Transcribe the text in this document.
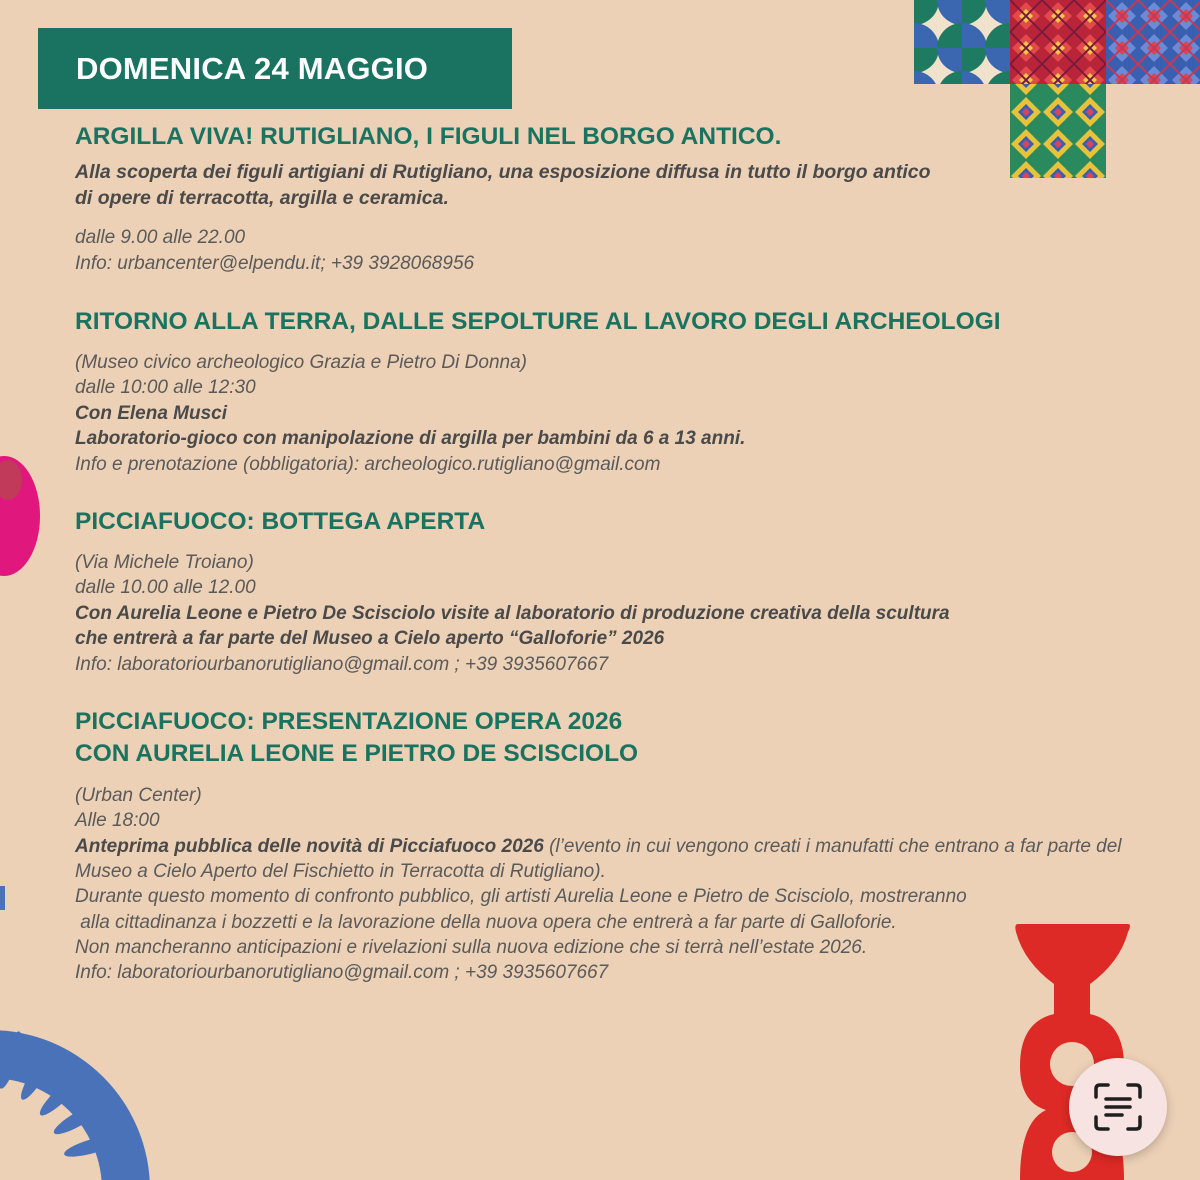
DOMENICA 24 MAGGIO
ARGILLA VIVA! RUTIGLIANO, I FIGULI NEL BORGO ANTICO.

Alla scoperta dei figuli artigiani di Rutigliano, una esposizione diffusa in tutto il borgo antico

di opere di terracotta, argilla e ceramica.

dalle 9.00 alle 22.00

Info: urbancenter@elpendu.it; +39 3928068956

RITORNO ALLA TERRA, DALLE SEPOLTURE AL LAVORO DEGLI ARCHEOLOGI

(Museo civico archeologico Grazia e Pietro Di Donna)

dalle 10:00 alle 12:30

Con Elena Musci

Laboratorio-gioco con manipolazione di argilla per bambini da 6 a 13 anni.

Info e prenotazione (obbligatoria): archeologico.rutigliano@gmail.com

PICCIAFUOCO: BOTTEGA APERTA

(Via Michele Troiano)

dalle 10.00 alle 12.00

Con Aurelia Leone e Pietro De Scisciolo visite al laboratorio di produzione creativa della scultura

che entrerà a far parte del Museo a Cielo aperto “Galloforie” 2026

Info: laboratoriourbanorutigliano@gmail.com ; +39 3935607667

PICCIAFUOCO: PRESENTAZIONE OPERA 2026
CON AURELIA LEONE E PIETRO DE SCISCIOLO

(Urban Center)

Alle 18:00

Anteprima pubblica delle novità di Picciafuoco 2026 (l’evento in cui vengono creati i manufatti che entrano a far parte del

Museo a Cielo Aperto del Fischietto in Terracotta di Rutigliano).

Durante questo momento di confronto pubblico, gli artisti Aurelia Leone e Pietro de Scisciolo, mostreranno

alla cittadinanza i bozzetti e la lavorazione della nuova opera che entrerà a far parte di Galloforie.

Non mancheranno anticipazioni e rivelazioni sulla nuova edizione che si terrà nell’estate 2026.

Info: laboratoriourbanorutigliano@gmail.com ; +39 3935607667
